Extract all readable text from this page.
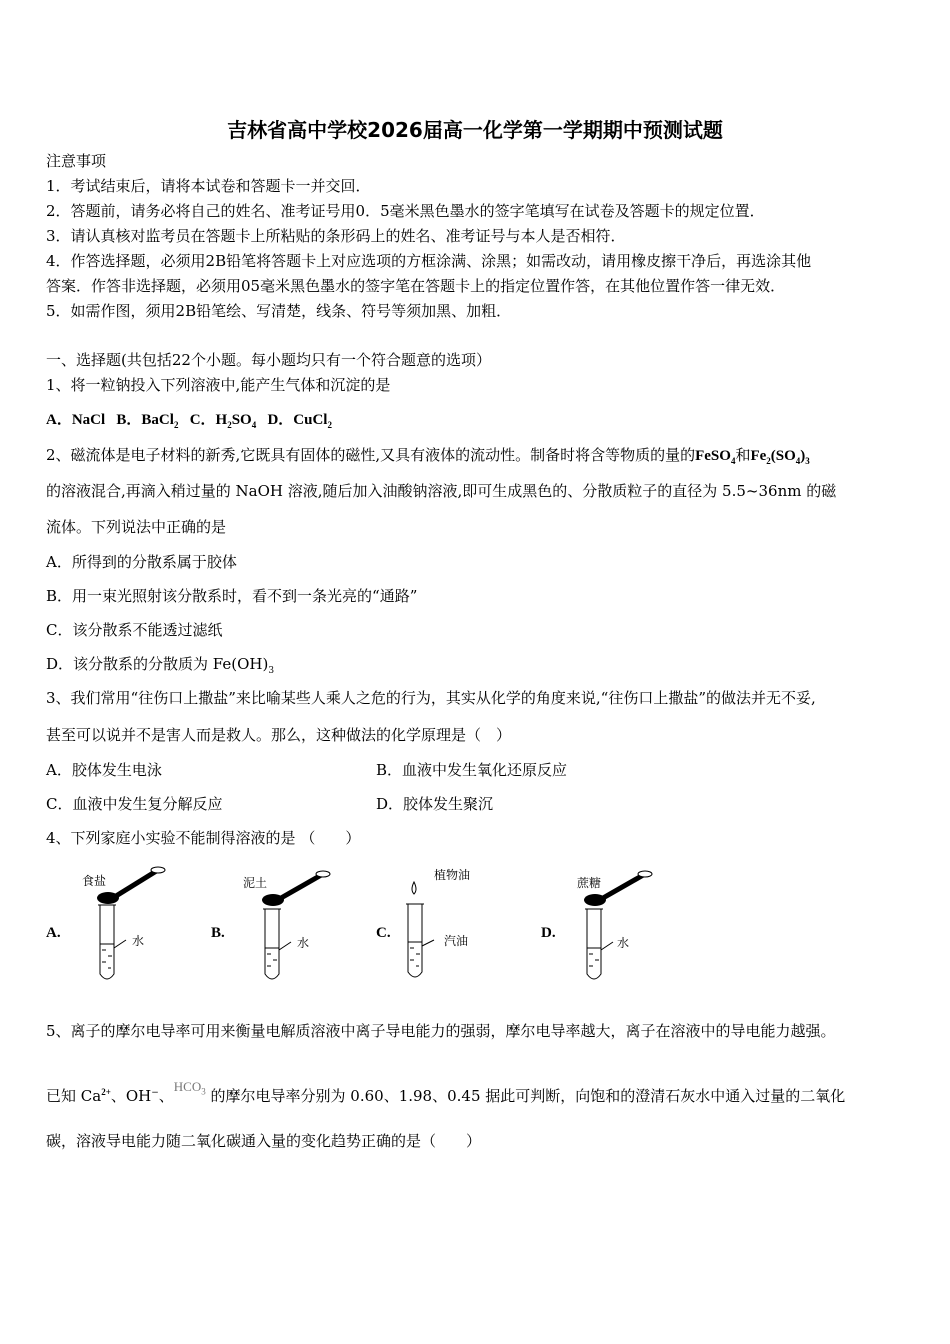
吉林省高中学校2026届高一化学第一学期期中预测试题
注意事项
1．考试结束后，请将本试卷和答题卡一并交回．
2．答题前，请务必将自己的姓名、准考证号用0．5毫米黑色墨水的签字笔填写在试卷及答题卡的规定位置．
3．请认真核对监考员在答题卡上所粘贴的条形码上的姓名、准考证号与本人是否相符．
4．作答选择题，必须用2B铅笔将答题卡上对应选项的方框涂满、涂黑；如需改动，请用橡皮擦干净后，再选涂其他
答案．作答非选择题，必须用05毫米黑色墨水的签字笔在答题卡上的指定位置作答，在其他位置作答一律无效．
5．如需作图，须用2B铅笔绘、写清楚，线条、符号等须加黑、加粗．
一、选择题(共包括22个小题。每小题均只有一个符合题意的选项）
1、将一粒钠投入下列溶液中,能产生气体和沉淀的是
A．NaCl B．BaCl$_2$ C．$H_2SO_4$ D．CuCl$_2$
2、磁流体是电子材料的新秀,它既具有固体的磁性,又具有液体的流动性。制备时将含等物质的量的FeSO$_4$和$Fe_2(SO_4)_3$
的溶液混合,再滴入稍过量的 NaOH 溶液,随后加入油酸钠溶液,即可生成黑色的、分散质粒子的直径为 5.5~36nm 的磁
流体。下列说法中正确的是
A．所得到的分散系属于胶体
B．用一束光照射该分散系时，看不到一条光亮的“通路”
C．该分散系不能透过滤纸
D．该分散系的分散质为 $Fe(OH)_3$
3、我们常用“往伤口上撒盐”来比喻某些人乘人之危的行为，其实从化学的角度来说,“往伤口上撒盐”的做法并无不妥,
甚至可以说并不是害人而是救人。那么，这种做法的化学原理是（　）
A．胶体发生电泳	B．血液中发生氧化还原反应
C．血液中发生复分解反应	D．胶体发生聚沉
4、下列家庭小实验不能制得溶液的是 （　　）
A.
食盐
水	B.
泥土
水
C.
植物油
汽油	D.
蔗糖
水
5、离子的摩尔电导率可用来衡量电解质溶液中离子导电能力的强弱，摩尔电导率越大，离子在溶液中的导电能力越强。
已知 $Ca^{2+}$、OH−、$HCO_3$ 的摩尔电导率分别为 0.60、1.98、0.45 据此可判断，向饱和的澄清石灰水中通入过量的二氧化
碳，溶液导电能力随二氧化碳通入量的变化趋势正确的是（　　）
